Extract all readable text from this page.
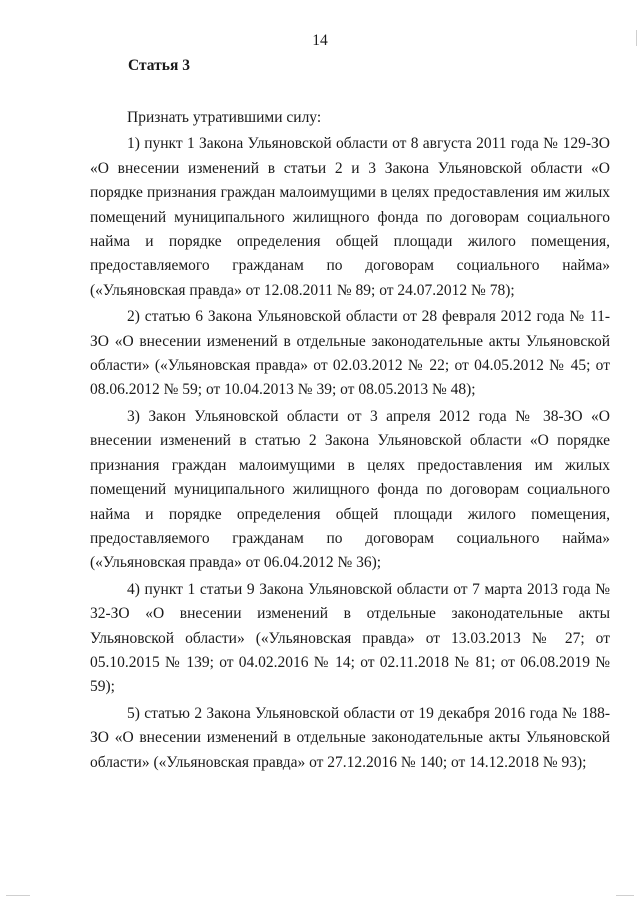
14
Статья 3

Признать утратившими силу:

1) пункт 1 Закона Ульяновской области от 8 августа 2011 года № 129-ЗО «О внесении изменений в статьи 2 и 3 Закона Ульяновской области «О порядке признания граждан малоимущими в целях предоставления им жилых помещений муниципального жилищного фонда по договорам социального найма и порядке определения общей площади жилого помещения, предоставляемого гражданам по договорам социального найма» («Ульяновская правда» от 12.08.2011 № 89; от 24.07.2012 № 78);

2) статью 6 Закона Ульяновской области от 28 февраля 2012 года № 11-ЗО «О внесении изменений в отдельные законодательные акты Ульяновской области» («Ульяновская правда» от 02.03.2012 № 22; от 04.05.2012 № 45; от 08.06.2012 № 59; от 10.04.2013 № 39; от 08.05.2013 № 48);

3) Закон Ульяновской области от 3 апреля 2012 года № 38-ЗО «О внесении изменений в статью 2 Закона Ульяновской области «О порядке признания граждан малоимущими в целях предоставления им жилых помещений муниципального жилищного фонда по договорам социального найма и порядке определения общей площади жилого помещения, предоставляемого гражданам по договорам социального найма» («Ульяновская правда» от 06.04.2012 № 36);

4) пункт 1 статьи 9 Закона Ульяновской области от 7 марта 2013 года № 32-ЗО «О внесении изменений в отдельные законодательные акты Ульяновской области» («Ульяновская правда» от 13.03.2013 № 27; от 05.10.2015 № 139; от 04.02.2016 № 14; от 02.11.2018 № 81; от 06.08.2019 № 59);

5) статью 2 Закона Ульяновской области от 19 декабря 2016 года № 188-ЗО «О внесении изменений в отдельные законодательные акты Ульяновской области» («Ульяновская правда» от 27.12.2016 № 140; от 14.12.2018 № 93);
